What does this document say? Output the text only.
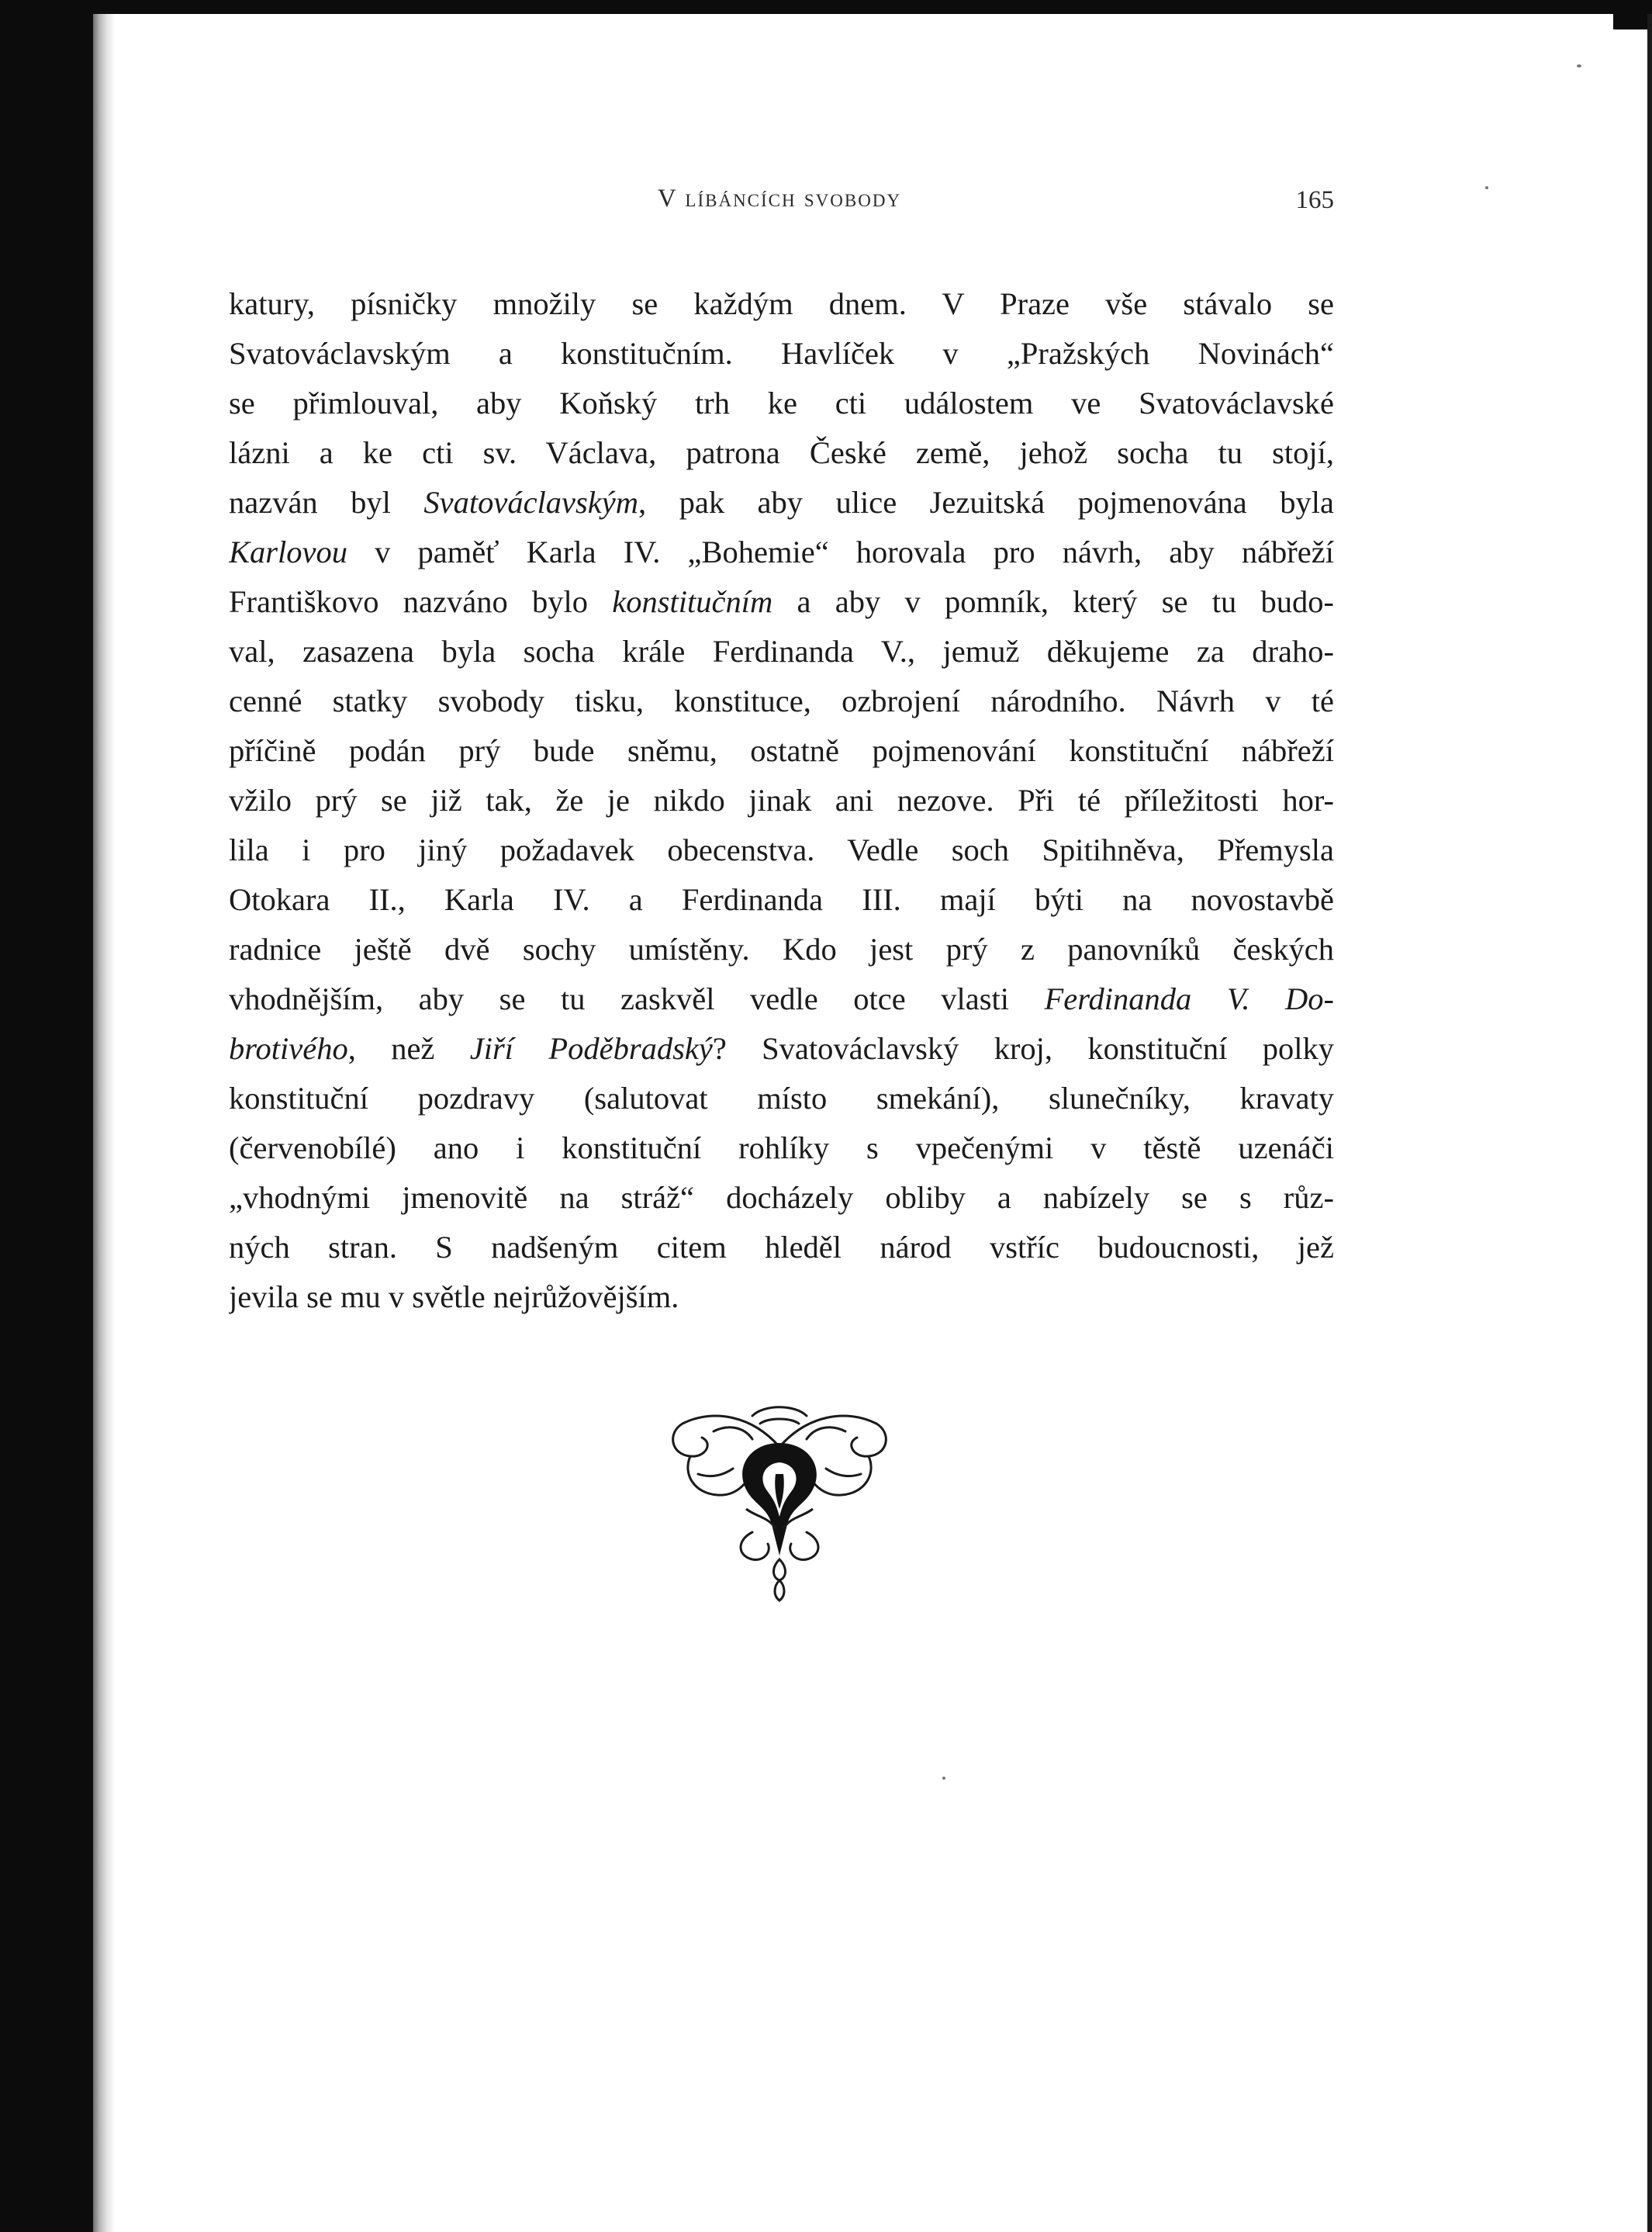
V líbáncích svobody	165
katury, písničky množily se každým dnem. V Praze vše stávalo se
Svatováclavským a konstitučním. Havlíček v „Pražských Novinách“
se přimlouval, aby Koňský trh ke cti událostem ve Svatováclavské
lázni a ke cti sv. Václava, patrona České země, jehož socha tu stojí,
nazván byl Svatováclavským, pak aby ulice Jezuitská pojmenována byla
Karlovou v paměť Karla IV. „Bohemie“ horovala pro návrh, aby nábřeží
Františkovo nazváno bylo konstitučním a aby v pomník, který se tu budo-
val, zasazena byla socha krále Ferdinanda V., jemuž děkujeme za draho-
cenné statky svobody tisku, konstituce, ozbrojení národního. Návrh v té
příčině podán prý bude sněmu, ostatně pojmenování konstituční nábřeží
vžilo prý se již tak, že je nikdo jinak ani nezove. Při té příležitosti hor-
lila i pro jiný požadavek obecenstva. Vedle soch Spitihněva, Přemysla
Otokara II., Karla IV. a Ferdinanda III. mají býti na novostavbě
radnice ještě dvě sochy umístěny. Kdo jest prý z panovníků českých
vhodnějším, aby se tu zaskvěl vedle otce vlasti Ferdinanda V. Do-
brotivého, než Jiří Poděbradský? Svatováclavský kroj, konstituční polky
konstituční pozdravy (salutovat místo smekání), slunečníky, kravaty
(červenobílé) ano i konstituční rohlíky s vpečenými v těstě uzenáči
„vhodnými jmenovitě na stráž“ docházely obliby a nabízely se s růz-
ných stran. S nadšeným citem hleděl národ vstříc budoucnosti, jež
jevila se mu v světle nejrůžovějším.
